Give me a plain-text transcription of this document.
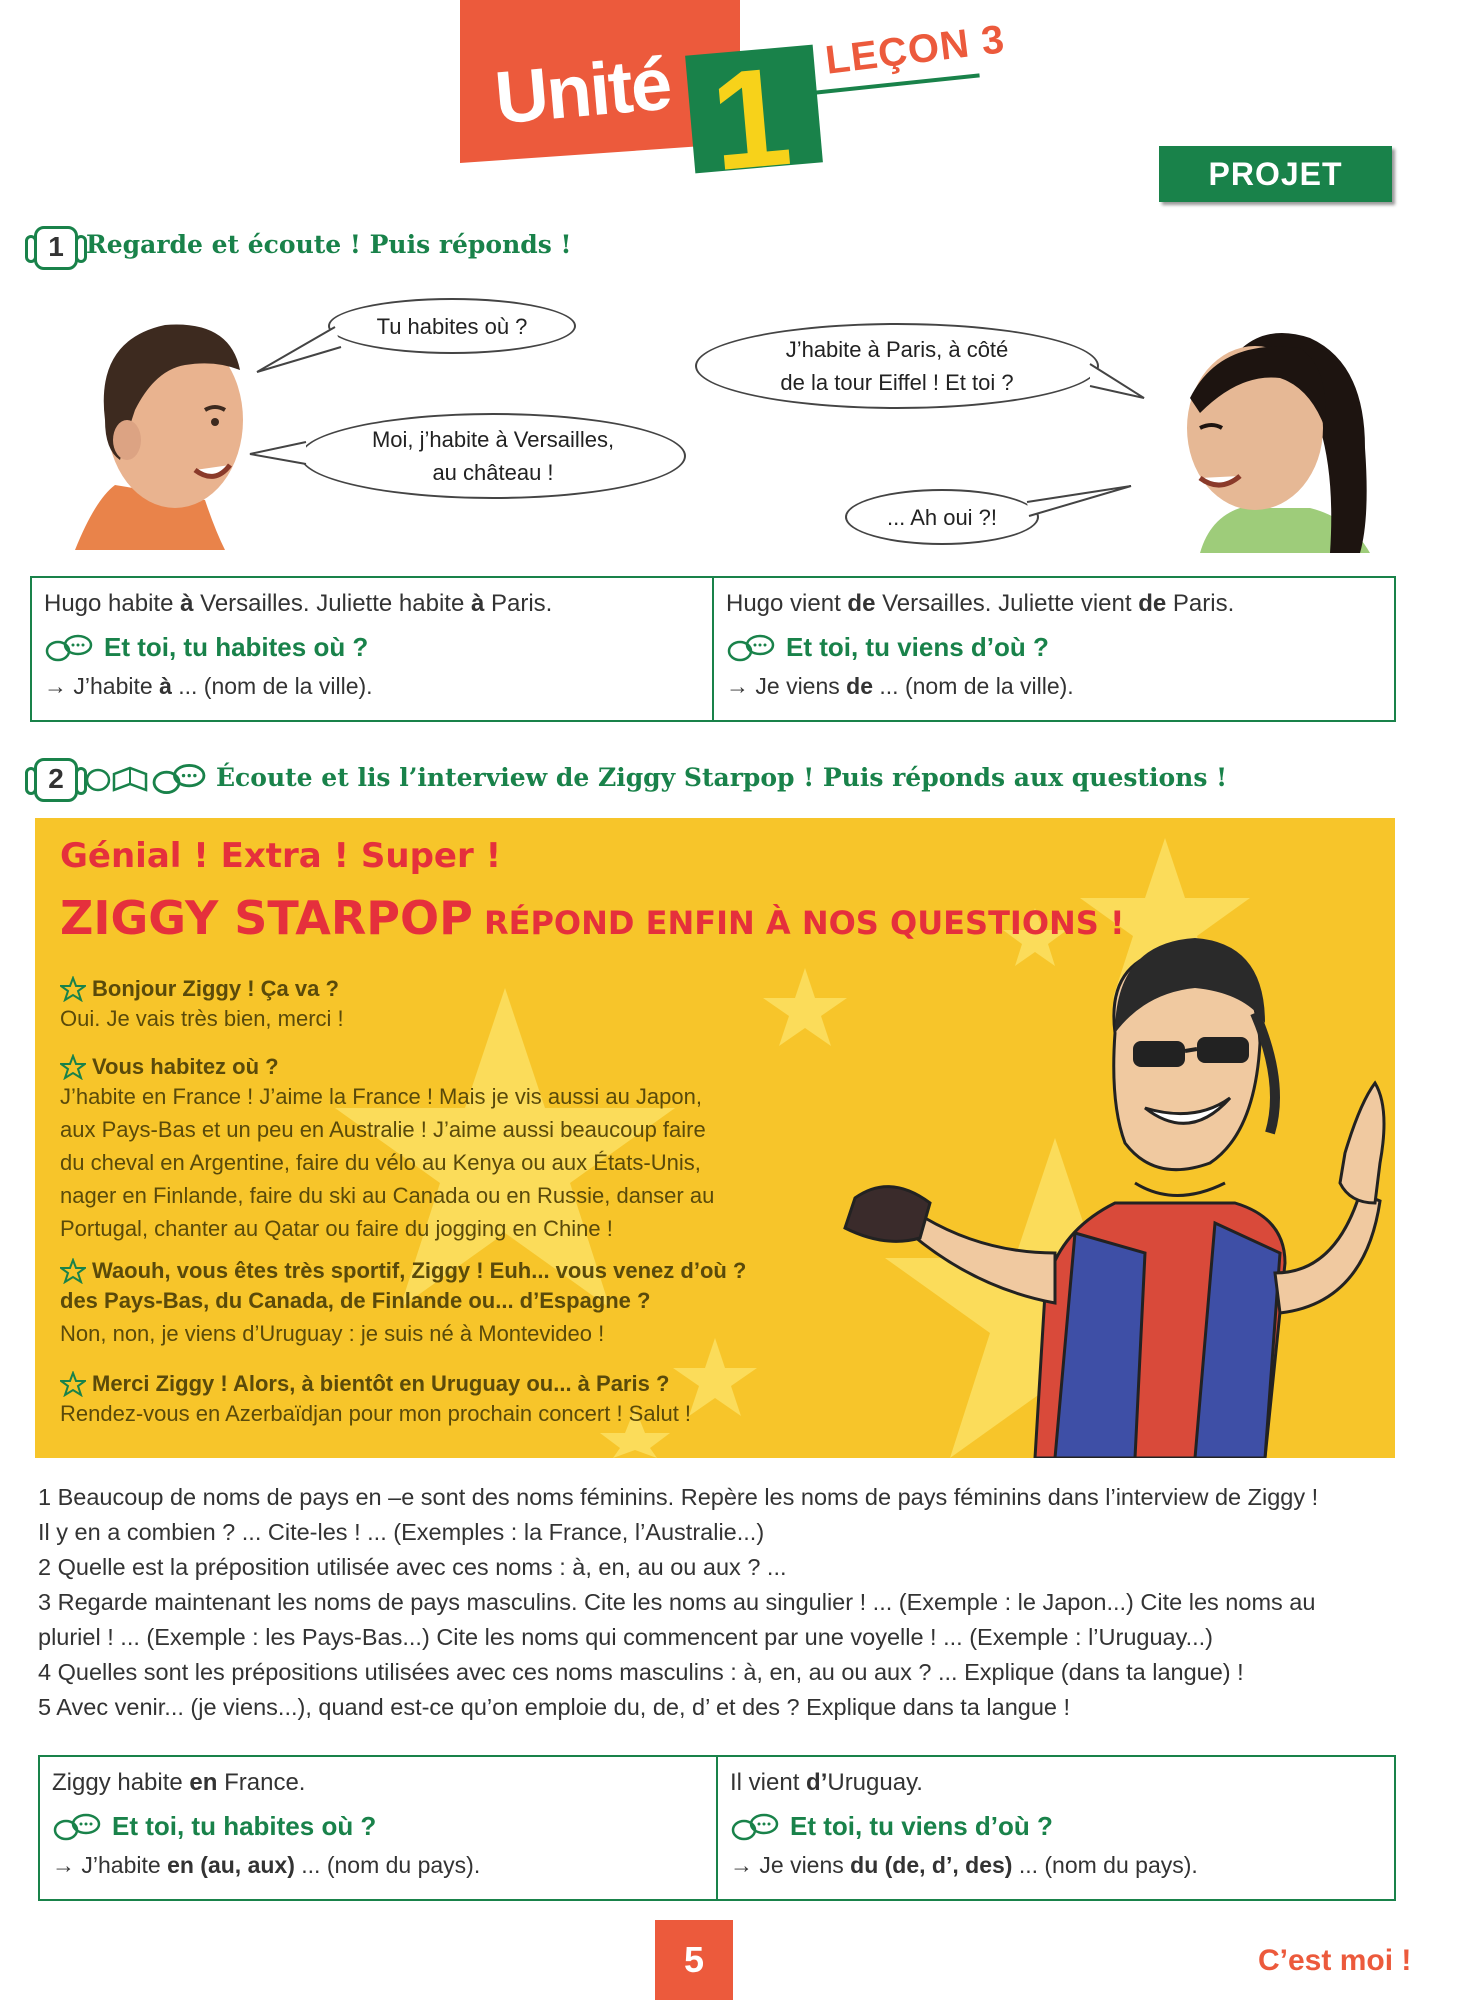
Unité 1 LEÇON 3
PROJET
1 Regarde et écoute ! Puis réponds !
Tu habites où ?
Moi, j’habite à Versailles,
au château !
J’habite à Paris, à côté
de la tour Eiffel ! Et toi ?
... Ah oui ?!
Hugo habite à Versailles. Juliette habite à Paris.
Et toi, tu habites où ?
→ J’habite à ... (nom de la ville).
Hugo vient de Versailles. Juliette vient de Paris.
Et toi, tu viens d’où ?
→ Je viens de ... (nom de la ville).
2	Écoute et lis l’interview de Ziggy Starpop ! Puis réponds aux questions !
Génial ! Extra ! Super !
ZIGGY STARPOP RÉPOND ENFIN À NOS QUESTIONS !
Bonjour Ziggy ! Ça va ?
Oui. Je vais très bien, merci !
Vous habitez où ?
J’habite en France ! J’aime la France ! Mais je vis aussi au Japon,
aux Pays-Bas et un peu en Australie ! J’aime aussi beaucoup faire
du cheval en Argentine, faire du vélo au Kenya ou aux États-Unis,
nager en Finlande, faire du ski au Canada ou en Russie, danser au
Portugal, chanter au Qatar ou faire du jogging en Chine !
Waouh, vous êtes très sportif, Ziggy ! Euh... vous venez d’où ?
des Pays-Bas, du Canada, de Finlande ou... d’Espagne ?
Non, non, je viens d’Uruguay : je suis né à Montevideo !
Merci Ziggy ! Alors, à bientôt en Uruguay ou... à Paris ?
Rendez-vous en Azerbaïdjan pour mon prochain concert ! Salut !
1 Beaucoup de noms de pays en –e sont des noms féminins. Repère les noms de pays féminins dans l’interview de Ziggy !
Il y en a combien ? ... Cite-les ! ... (Exemples : la France, l’Australie...)
2 Quelle est la préposition utilisée avec ces noms : à, en, au ou aux ? ...
3 Regarde maintenant les noms de pays masculins. Cite les noms au singulier ! ... (Exemple : le Japon...) Cite les noms au
pluriel ! ... (Exemple : les Pays-Bas...) Cite les noms qui commencent par une voyelle ! ... (Exemple : l’Uruguay...)
4 Quelles sont les prépositions utilisées avec ces noms masculins : à, en, au ou aux ? ... Explique (dans ta langue) !
5 Avec venir... (je viens...), quand est-ce qu’on emploie du, de, d’ et des ? Explique dans ta langue !
Ziggy habite en France.
Et toi, tu habites où ?
→ J’habite en (au, aux) ... (nom du pays).
Il vient d’Uruguay.
Et toi, tu viens d’où ?
→ Je viens du (de, d’, des) ... (nom du pays).
5	C’est moi !
